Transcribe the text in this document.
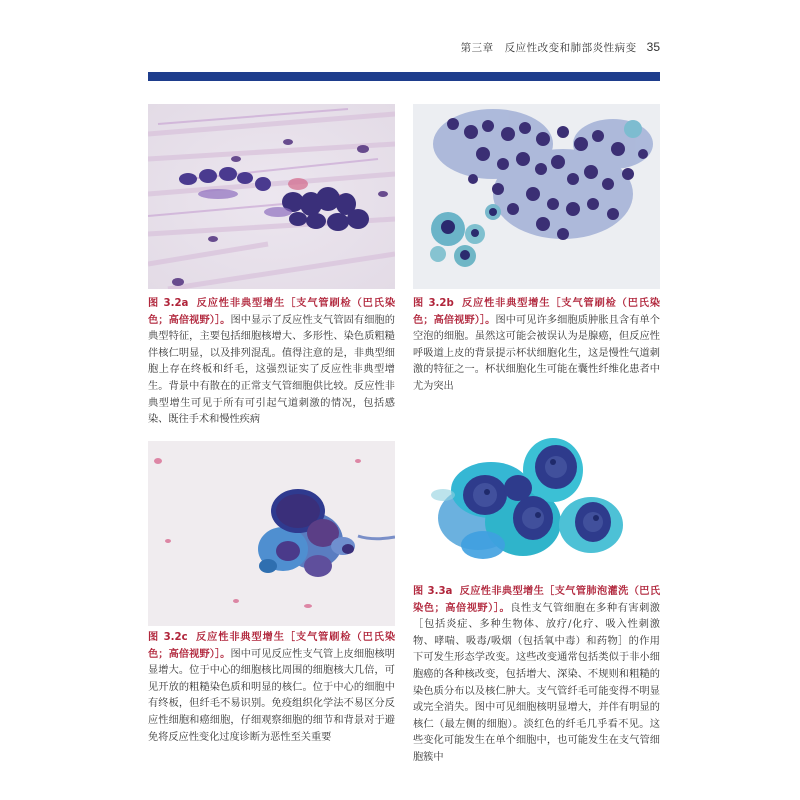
第三章　反应性改变和肺部炎性病变 35

图 3.2a 反应性非典型增生［支气管刷检（巴氏染色；高倍视野）］。图中显示了反应性支气管固有细胞的典型特征，主要包括细胞核增大、多形性、染色质粗糙伴核仁明显，以及排列混乱。值得注意的是，非典型细胞上存在终板和纤毛，这强烈证实了反应性非典型增生。背景中有散在的正常支气管细胞供比较。反应性非典型增生可见于所有可引起气道刺激的情况，包括感染、既往手术和慢性疾病

图 3.2b 反应性非典型增生［支气管刷检（巴氏染色；高倍视野）］。图中可见许多细胞质肿胀且含有单个空泡的细胞。虽然这可能会被误认为是腺癌，但反应性呼吸道上皮的背景提示杯状细胞化生，这是慢性气道刺激的特征之一。杯状细胞化生可能在囊性纤维化患者中尤为突出

图 3.2c 反应性非典型增生［支气管刷检（巴氏染色；高倍视野）］。图中可见反应性支气管上皮细胞核明显增大。位于中心的细胞核比周围的细胞核大几倍，可见开放的粗糙染色质和明显的核仁。位于中心的细胞中有终板，但纤毛不易识别。免疫组织化学法不易区分反应性细胞和癌细胞，仔细观察细胞的细节和背景对于避免将反应性变化过度诊断为恶性至关重要

图 3.3a 反应性非典型增生［支气管肺泡灌洗（巴氏染色；高倍视野）］。良性支气管细胞在多种有害刺激［包括炎症、多种生物体、放疗/化疗、吸入性刺激物、哮喘、吸毒/吸烟（包括氧中毒）和药物］的作用下可发生形态学改变。这些改变通常包括类似于非小细胞癌的各种核改变，包括增大、深染、不规则和粗糙的染色质分布以及核仁肿大。支气管纤毛可能变得不明显或完全消失。图中可见细胞核明显增大，并伴有明显的核仁（最左侧的细胞）。淡红色的纤毛几乎看不见。这些变化可能发生在单个细胞中，也可能发生在支气管细胞簇中
